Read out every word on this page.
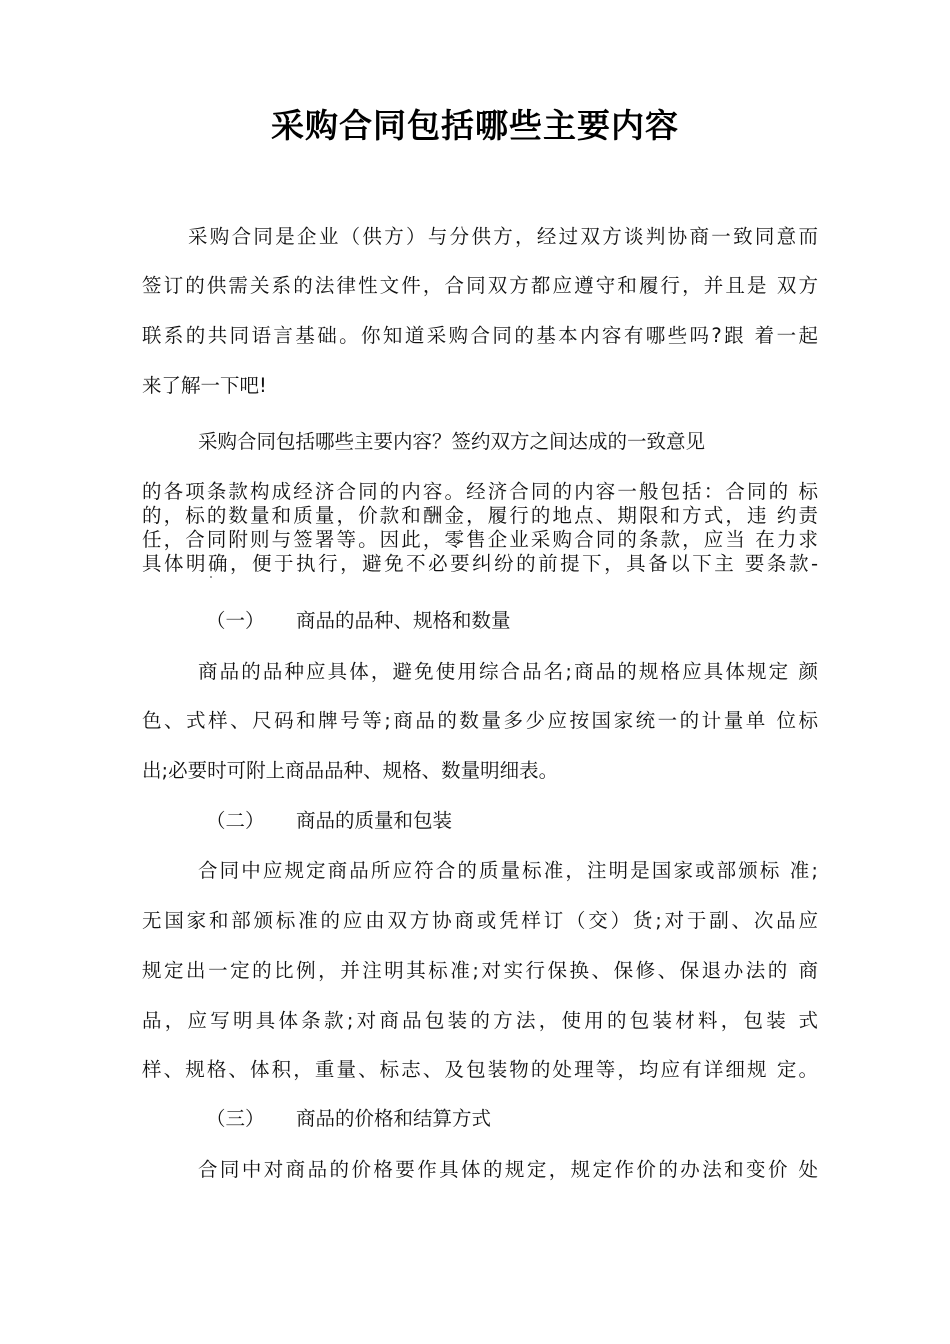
采购合同包括哪些主要内容

采购合同是企业（供方）与分供方，经过双方谈判协商一致同意而

签订的供需关系的法律性文件，合同双方都应遵守和履行，并且是 双方

联系的共同语言基础。你知道采购合同的基本内容有哪些吗?跟 着一起

来了解一下吧!

采购合同包括哪些主要内容？签约双方之间达成的一致意见

的各项条款构成经济合同的内容。经济合同的内容一般包括：合同的 标

的，标的数量和质量，价款和酬金，履行的地点、期限和方式，违 约责

任，合同附则与签署等。因此，零售企业采购合同的条款，应当 在力求

具体明确，便于执行，避免不必要纠纷的前提下，具备以下主 要条款-

（一） 商品的品种、规格和数量

商品的品种应具体，避免使用综合品名;商品的规格应具体规定 颜

色、式样、尺码和牌号等;商品的数量多少应按国家统一的计量单 位标

出;必要时可附上商品品种、规格、数量明细表。

（二） 商品的质量和包装

合同中应规定商品所应符合的质量标准，注明是国家或部颁标 准;

无国家和部颁标准的应由双方协商或凭样订（交）货;对于副、次品应

规定出一定的比例，并注明其标准;对实行保换、保修、保退办法的 商

品，应写明具体条款;对商品包装的方法，使用的包装材料，包装 式

样、规格、体积，重量、标志、及包装物的处理等，均应有详细规 定。

（三） 商品的价格和结算方式

合同中对商品的价格要作具体的规定，规定作价的办法和变价 处
